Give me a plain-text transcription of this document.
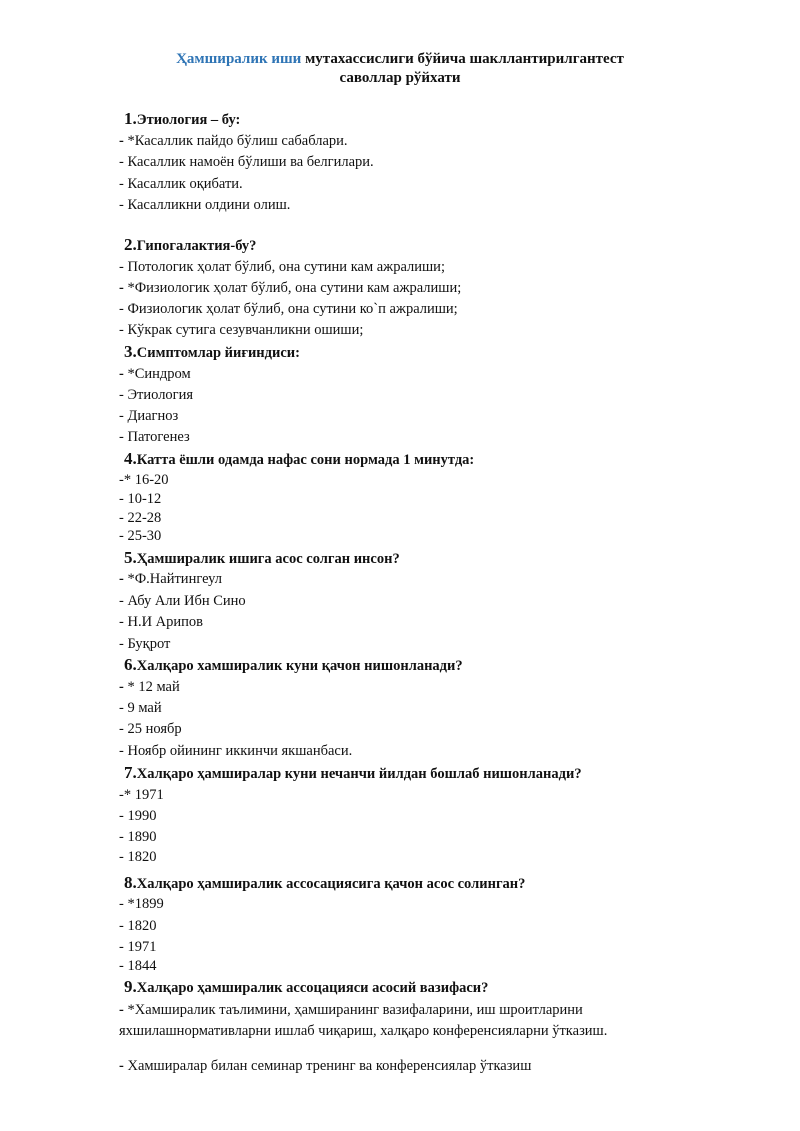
Ҳамширалик иши мутахассислиги бўйича шакллантирилгантест
саволлар рўйхати
1.Этиология – бу:
- *Касаллик пайдо бўлиш сабаблари.
- Касаллик намоён бўлиши ва белгилари.
- Касаллик оқибати.
- Касалликни олдини олиш.
2.Гипогалактия-бу?
- Потологик ҳолат бўлиб, она сутини кам ажралиши;
- *Физиологик ҳолат бўлиб, она сутини кам ажралиши;
- Физиологик ҳолат бўлиб, она сутини ко`п ажралиши;
- Кўкрак сутига сезувчанликни ошиши;
3.Симптомлар йиғиндиси:
- *Синдром
- Этиология
- Диагноз
- Патогенез
4.Катта ёшли одамда нафас сони нормада 1 минутда:
-* 16-20
- 10-12
- 22-28
- 25-30
5.Ҳамширалик ишига асос солган инсон?
- *Ф.Найтингеул
- Абу Али Ибн Сино
- Н.И Арипов
- Буқрот
6.Халқаро хамширалик куни қачон нишонланади?
- * 12 май
- 9 май
- 25 ноябр
- Ноябр ойининг иккинчи якшанбаси.
7.Халқаро ҳамширалар куни нечанчи йилдан бошлаб нишонланади?
-* 1971
- 1990
- 1890
- 1820
8.Халқаро ҳамширалик ассосациясига қачон асос солинган?
- *1899
- 1820
- 1971
- 1844
9.Халқаро ҳамширалик ассоцацияси асосий вазифаси?
- *Хамширалик таълимини, ҳамширанинг вазифаларини, иш шроитларини яхшилашнормативларни ишлаб чиқариш, халқаро конференсияларни ўтказиш.
- Хамширалар билан семинар тренинг ва конференсиялар ўтказиш
